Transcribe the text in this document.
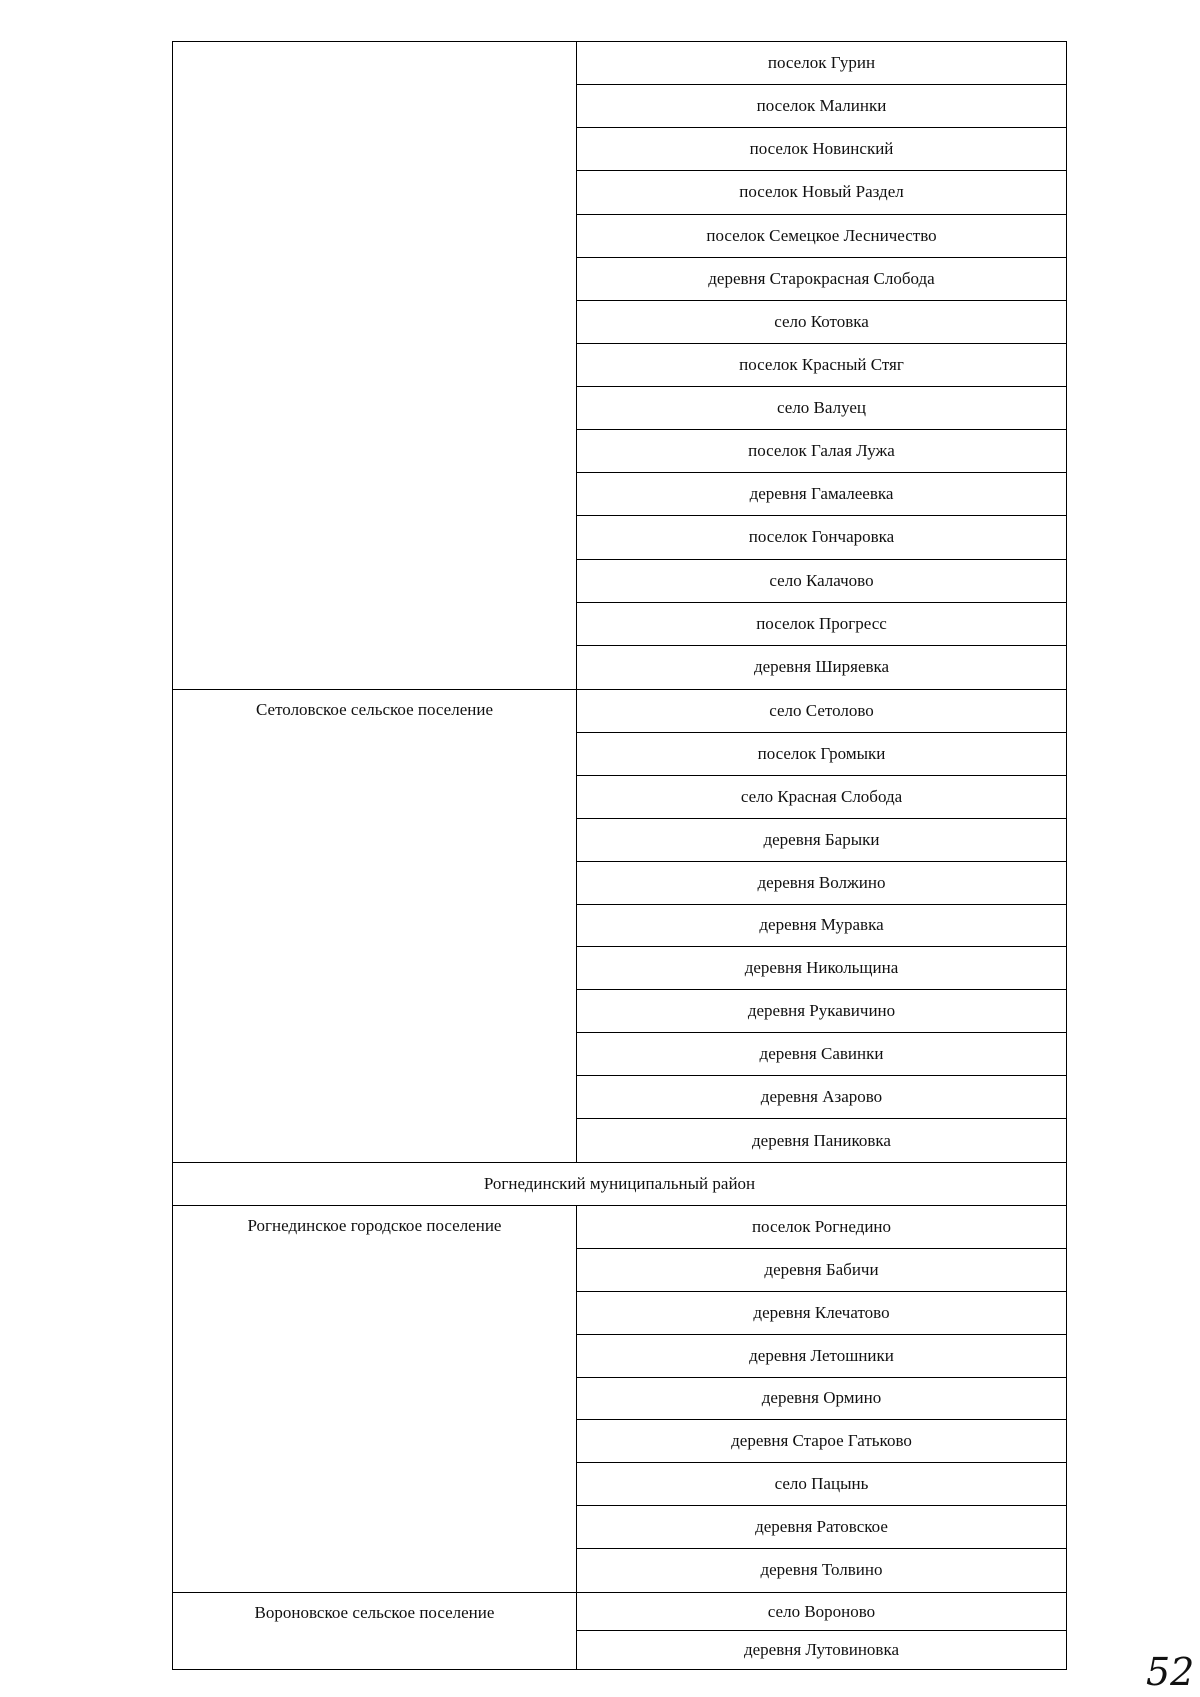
поселок Гурин
поселок Малинки
поселок Новинский
поселок Новый Раздел
поселок Семецкое Лесничество
деревня Старокрасная Слобода
село Котовка
поселок Красный Стяг
село Валуец
поселок Галая Лужа
деревня Гамалеевка
поселок Гончаровка
село Калачово
поселок Прогресс
деревня Ширяевка
Сетоловское сельское поселение	село Сетолово
поселок Громыки
село Красная Слобода
деревня Барыки
деревня Волжино
деревня Муравка
деревня Никольщина
деревня Рукавичино
деревня Савинки
деревня Азарово
деревня Паниковка
Рогнединский муниципальный район
Рогнединское городское поселение	поселок Рогнедино
деревня Бабичи
деревня Клечатово
деревня Летошники
деревня Ормино
деревня Старое Гатьково
село Пацынь
деревня Ратовское
деревня Толвино
Вороновское сельское поселение	село Вороново
деревня Лутовиновка
52
